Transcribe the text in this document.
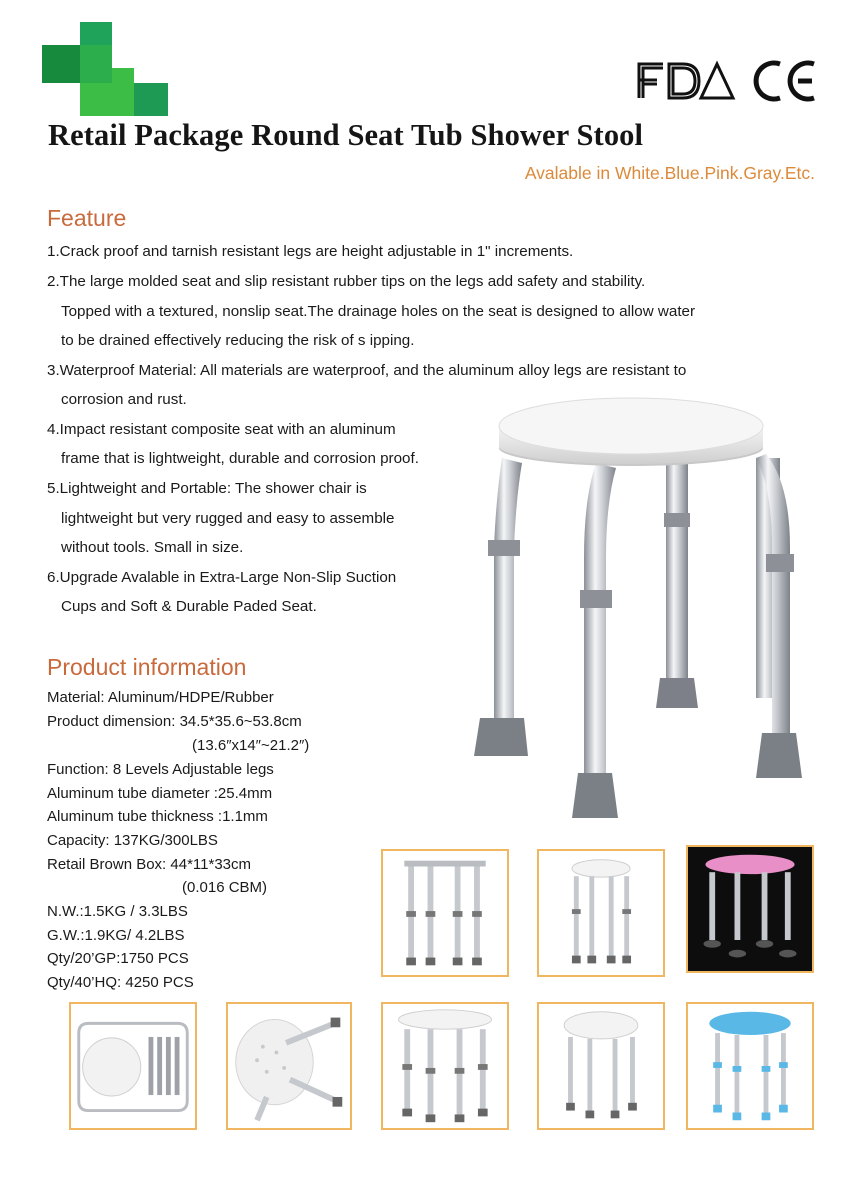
FDA	CE
Retail Package Round Seat Tub Shower Stool
Avalable in White.Blue.Pink.Gray.Etc.
Feature
1.Crack proof and tarnish resistant legs are height adjustable in 1" increments.
2.The large molded seat and slip resistant rubber tips on the legs add safety and stability.
Topped with a textured, nonslip seat.The drainage holes on the seat is designed to allow water
to be drained effectively reducing the risk of s ipping.
3.Waterproof Material: All materials are waterproof, and the aluminum alloy legs are resistant to
corrosion and rust.
4.Impact resistant composite seat with an aluminum
frame that is lightweight, durable and corrosion proof.
5.Lightweight and Portable: The shower chair is
lightweight but very rugged and easy to assemble
without tools. Small in size.
6.Upgrade Avalable in Extra-Large Non-Slip Suction
Cups and Soft & Durable Paded Seat.
Product information
Material: Aluminum/HDPE/Rubber
Product dimension: 34.5*35.6~53.8cm
(13.6″x14″~21.2″)
Function: 8 Levels Adjustable legs
Aluminum tube diameter :25.4mm
Aluminum tube thickness :1.1mm
Capacity: 137KG/300LBS
Retail Brown Box: 44*11*33cm
(0.016 CBM)
N.W.:1.5KG / 3.3LBS
G.W.:1.9KG/ 4.2LBS
Qty/20’GP:1750 PCS
Qty/40’HQ: 4250 PCS
